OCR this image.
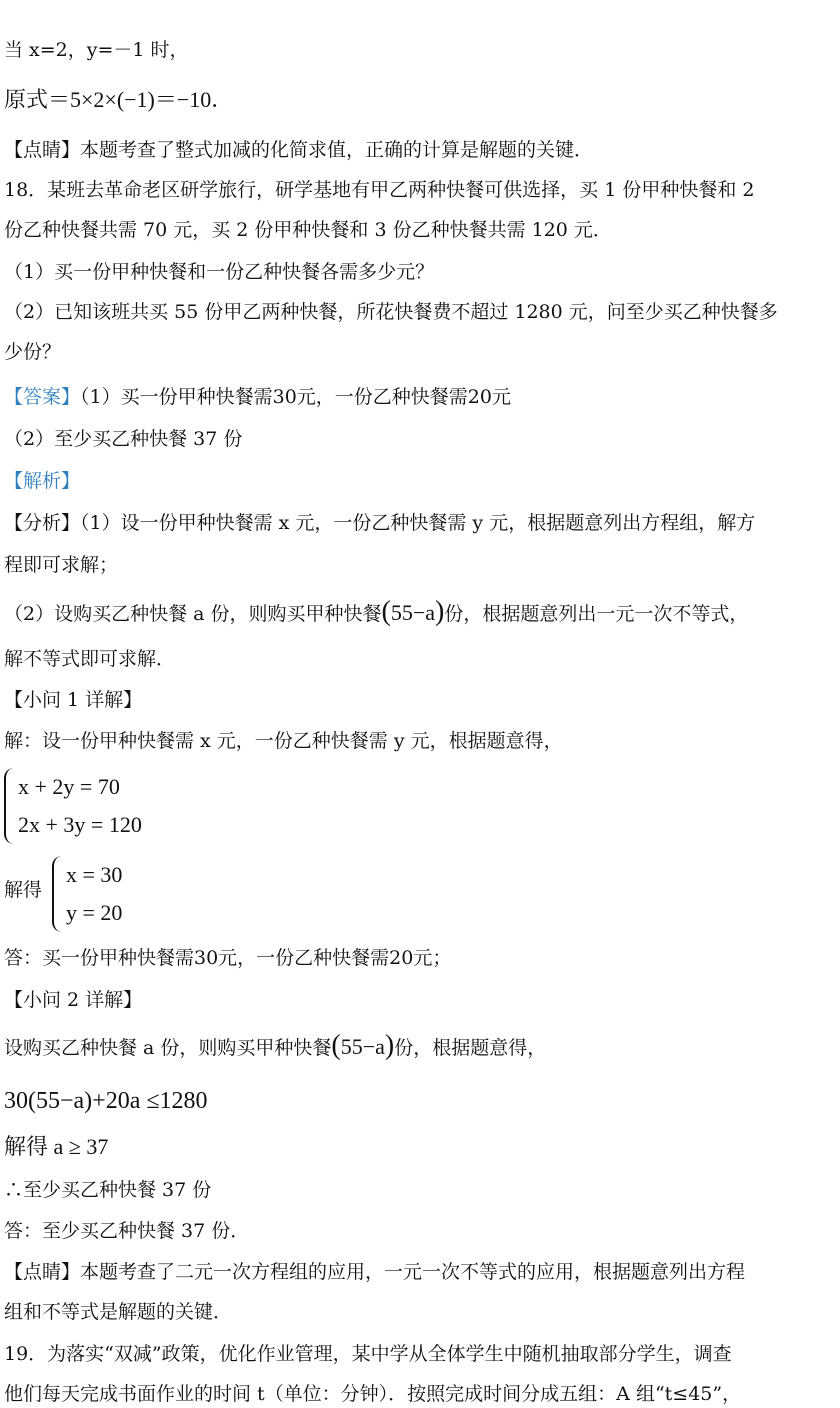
当 x=2，y=－1 时，
原式＝5×2×(−1)＝−10．
【点睛】本题考查了整式加减的化简求值，正确的计算是解题的关键．
18．某班去革命老区研学旅行，研学基地有甲乙两种快餐可供选择，买 1 份甲种快餐和 2
份乙种快餐共需 70 元，买 2 份甲种快餐和 3 份乙种快餐共需 120 元．
（1）买一份甲种快餐和一份乙种快餐各需多少元？
（2）已知该班共买 55 份甲乙两种快餐，所花快餐费不超过 1280 元，问至少买乙种快餐多
少份？
【答案】（1）买一份甲种快餐需30元，一份乙种快餐需20元
（2）至少买乙种快餐 37 份
【解析】
【分析】（1）设一份甲种快餐需 x 元，一份乙种快餐需 y 元，根据题意列出方程组，解方
程即可求解；
（2）设购买乙种快餐 a 份，则购买甲种快餐(55−a)份，根据题意列出一元一次不等式，
解不等式即可求解．
【小问 1 详解】
解：设一份甲种快餐需 x 元，一份乙种快餐需 y 元，根据题意得，
x + 2y = 70
2x + 3y = 120
解得
x = 30
y = 20
答：买一份甲种快餐需30元，一份乙种快餐需20元；
【小问 2 详解】
设购买乙种快餐 a 份，则购买甲种快餐(55−a)份，根据题意得，
30(55−a)+20a ≤1280
解得 a ≥ 37
∴至少买乙种快餐 37 份
答：至少买乙种快餐 37 份．
【点睛】本题考查了二元一次方程组的应用，一元一次不等式的应用，根据题意列出方程
组和不等式是解题的关键．
19．为落实“双减”政策，优化作业管理，某中学从全体学生中随机抽取部分学生，调查
他们每天完成书面作业的时间 t（单位：分钟）．按照完成时间分成五组：A 组“t≤45”，
